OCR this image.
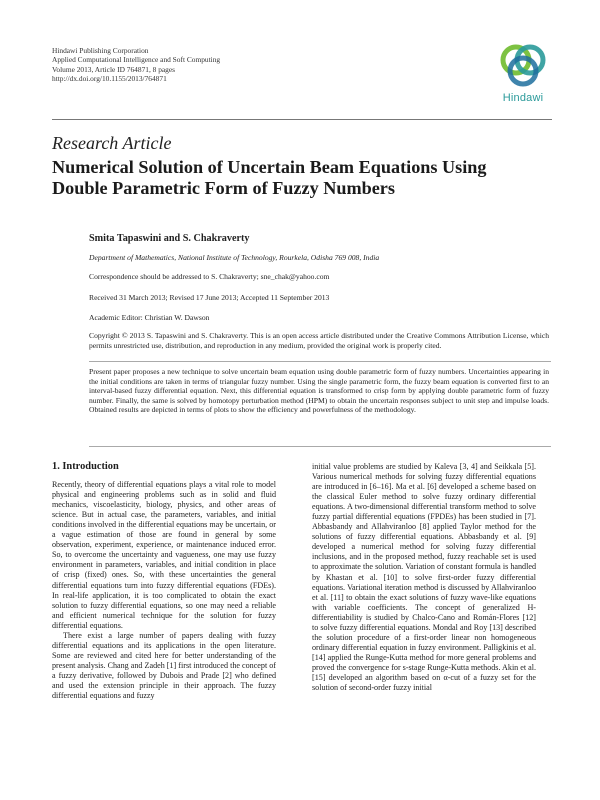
Hindawi Publishing Corporation
Applied Computational Intelligence and Soft Computing
Volume 2013, Article ID 764871, 8 pages
http://dx.doi.org/10.1155/2013/764871
Hindawi
Research Article
Numerical Solution of Uncertain Beam Equations Using Double Parametric Form of Fuzzy Numbers
Smita Tapaswini and S. Chakraverty
Department of Mathematics, National Institute of Technology, Rourkela, Odisha 769 008, India
Correspondence should be addressed to S. Chakraverty; sne_chak@yahoo.com
Received 31 March 2013; Revised 17 June 2013; Accepted 11 September 2013
Academic Editor: Christian W. Dawson
Copyright © 2013 S. Tapaswini and S. Chakraverty. This is an open access article distributed under the Creative Commons Attribution License, which permits unrestricted use, distribution, and reproduction in any medium, provided the original work is properly cited.
Present paper proposes a new technique to solve uncertain beam equation using double parametric form of fuzzy numbers. Uncertainties appearing in the initial conditions are taken in terms of triangular fuzzy number. Using the single parametric form, the fuzzy beam equation is converted first to an interval-based fuzzy differential equation. Next, this differential equation is transformed to crisp form by applying double parametric form of fuzzy number. Finally, the same is solved by homotopy perturbation method (HPM) to obtain the uncertain responses subject to unit step and impulse loads. Obtained results are depicted in terms of plots to show the efficiency and powerfulness of the methodology.
1. Introduction

Recently, theory of differential equations plays a vital role to model physical and engineering problems such as in solid and fluid mechanics, viscoelasticity, biology, physics, and other areas of science. But in actual case, the parameters, variables, and initial conditions involved in the differential equations may be uncertain, or a vague estimation of those are found in general by some observation, experiment, experience, or maintenance induced error. So, to overcome the uncertainty and vagueness, one may use fuzzy environment in parameters, variables, and initial condition in place of crisp (fixed) ones. So, with these uncertainties the general differential equations turn into fuzzy differential equations (FDEs). In real-life application, it is too complicated to obtain the exact solution to fuzzy differential equations, so one may need a reliable and efficient numerical technique for the solution for fuzzy differential equations.

There exist a large number of papers dealing with fuzzy differential equations and its applications in the open literature. Some are reviewed and cited here for better understanding of the present analysis. Chang and Zadeh [1] first introduced the concept of a fuzzy derivative, followed by Dubois and Prade [2] who defined and used the extension principle in their approach. The fuzzy differential equations and fuzzy

initial value problems are studied by Kaleva [3, 4] and Seikkala [5]. Various numerical methods for solving fuzzy differential equations are introduced in [6–16]. Ma et al. [6] developed a scheme based on the classical Euler method to solve fuzzy ordinary differential equations. A two-dimensional differential transform method to solve fuzzy partial differential equations (FPDEs) has been studied in [7]. Abbasbandy and Allahviranloo [8] applied Taylor method for the solutions of fuzzy differential equations. Abbasbandy et al. [9] developed a numerical method for solving fuzzy differential inclusions, and in the proposed method, fuzzy reachable set is used to approximate the solution. Variation of constant formula is handled by Khastan et al. [10] to solve first-order fuzzy differential equations. Variational iteration method is discussed by Allahviranloo et al. [11] to obtain the exact solutions of fuzzy wave-like equations with variable coefficients. The concept of generalized H-differentiability is studied by Chalco-Cano and Román-Flores [12] to solve fuzzy differential equations. Mondal and Roy [13] described the solution procedure of a first-order linear non homogeneous ordinary differential equation in fuzzy environment. Palligkinis et al. [14] applied the Runge-Kutta method for more general problems and proved the convergence for s-stage Runge-Kutta methods. Akin et al. [15] developed an algorithm based on α-cut of a fuzzy set for the solution of second-order fuzzy initial
